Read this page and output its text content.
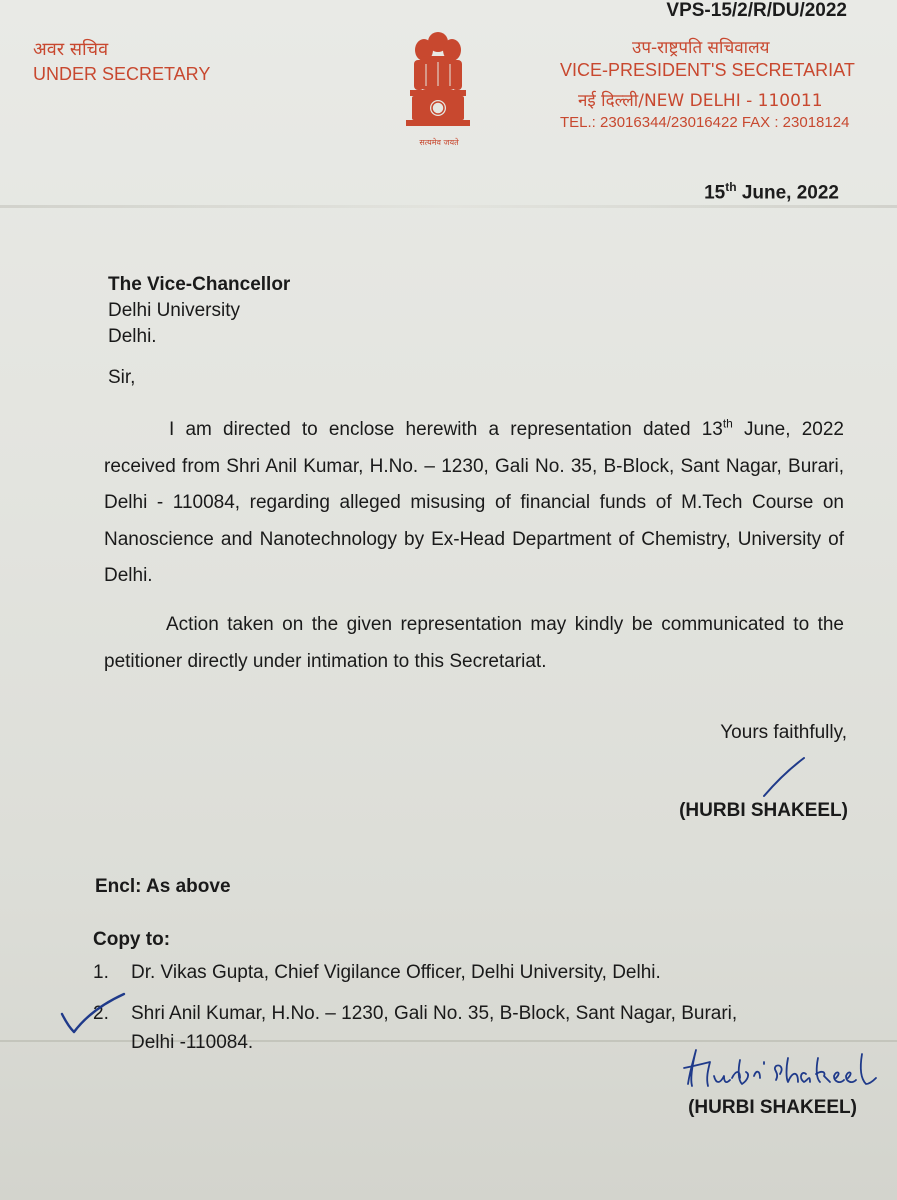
VPS-15/2/R/DU/2022
अवर सचिव
UNDER SECRETARY
सत्यमेव जयते
उप-राष्ट्रपति सचिवालय
VICE-PRESIDENT'S SECRETARIAT
नई दिल्ली/NEW DELHI - 110011
TEL.: 23016344/23016422 FAX : 23018124
15th June, 2022
The Vice-Chancellor
Delhi University
Delhi.
Sir,
I am directed to enclose herewith a representation dated 13th June, 2022 received from Shri Anil Kumar, H.No. – 1230, Gali No. 35, B-Block, Sant Nagar, Burari, Delhi - 110084, regarding alleged misusing of financial funds of M.Tech Course on Nanoscience and Nanotechnology by Ex-Head Department of Chemistry, University of Delhi.
Action taken on the given representation may kindly be communicated to the petitioner directly under intimation to this Secretariat.
Yours faithfully,
(HURBI SHAKEEL)
Encl: As above
Copy to:
1. Dr. Vikas Gupta, Chief Vigilance Officer, Delhi University, Delhi.
2. Shri Anil Kumar, H.No. – 1230, Gali No. 35, B-Block, Sant Nagar, Burari,
Delhi -110084.
(HURBI SHAKEEL)
